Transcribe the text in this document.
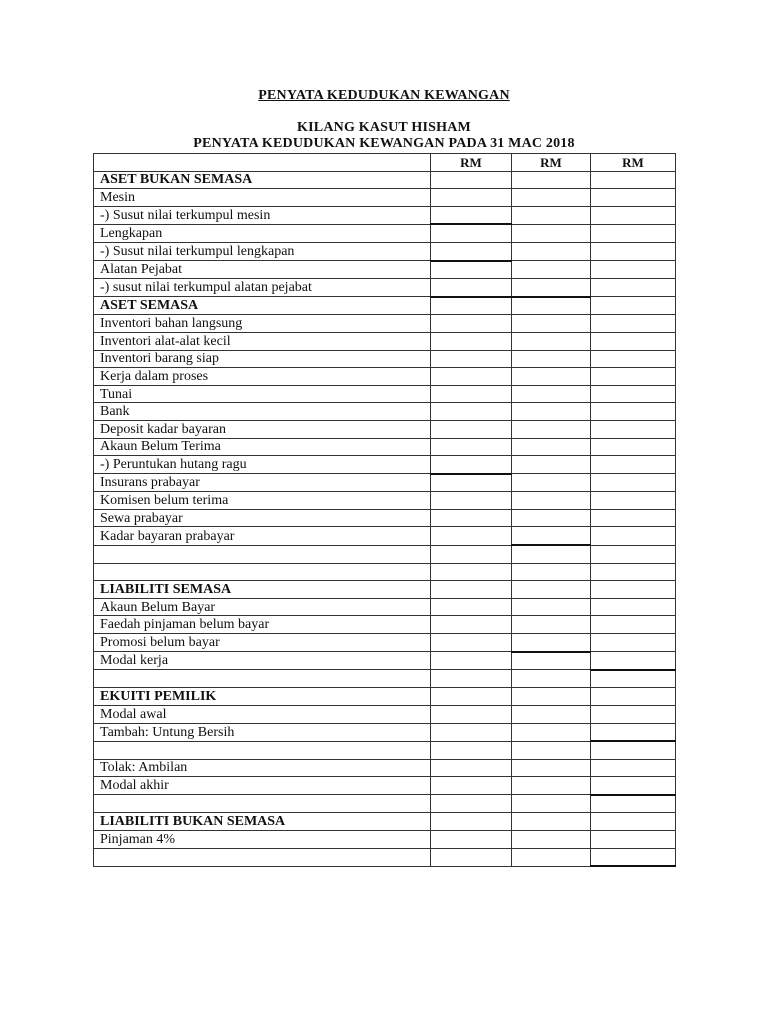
PENYATA KEDUDUKAN KEWANGAN
KILANG KASUT HISHAM
PENYATA KEDUDUKAN KEWANGAN PADA 31 MAC 2018
	RM	RM	RM
ASET BUKAN SEMASA			
Mesin			
-) Susut nilai terkumpul mesin			
Lengkapan			
-) Susut nilai terkumpul lengkapan			
Alatan Pejabat			
-) susut nilai terkumpul alatan pejabat			
ASET SEMASA			
Inventori bahan langsung			
Inventori alat-alat kecil			
Inventori barang siap			
Kerja dalam proses			
Tunai			
Bank			
Deposit kadar bayaran			
Akaun Belum Terima			
-) Peruntukan hutang ragu			
Insurans prabayar			
Komisen belum terima			
Sewa prabayar			
Kadar bayaran prabayar			

LIABILITI SEMASA			
Akaun Belum Bayar			
Faedah pinjaman belum bayar			
Promosi belum bayar			
Modal kerja			

EKUITI PEMILIK			
Modal awal			
Tambah: Untung Bersih			

Tolak: Ambilan			
Modal akhir			

LIABILITI BUKAN SEMASA			
Pinjaman 4%			
